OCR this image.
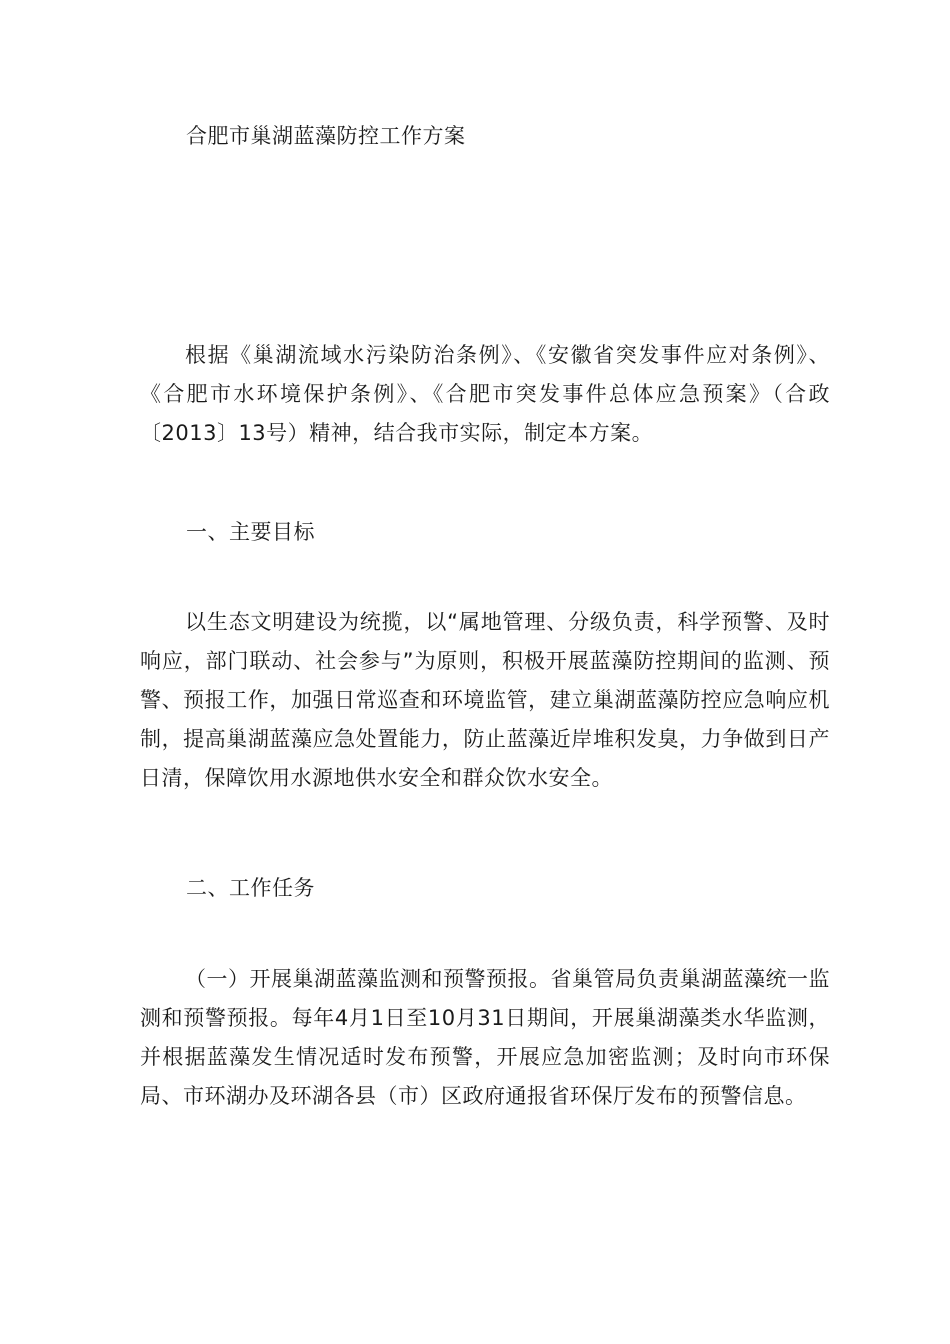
合肥市巢湖蓝藻防控工作方案

根据《巢湖流域水污染防治条例》、《安徽省突发事件应对条例》、《合肥市水环境保护条例》、《合肥市突发事件总体应急预案》（合政〔2013〕13号）精神，结合我市实际，制定本方案。

一、主要目标

以生态文明建设为统揽，以“属地管理、分级负责，科学预警、及时响应，部门联动、社会参与”为原则，积极开展蓝藻防控期间的监测、预警、预报工作，加强日常巡查和环境监管，建立巢湖蓝藻防控应急响应机制，提高巢湖蓝藻应急处置能力，防止蓝藻近岸堆积发臭，力争做到日产日清，保障饮用水源地供水安全和群众饮水安全。

二、工作任务

（一）开展巢湖蓝藻监测和预警预报。省巢管局负责巢湖蓝藻统一监测和预警预报。每年4月1日至10月31日期间，开展巢湖藻类水华监测，并根据蓝藻发生情况适时发布预警，开展应急加密监测；及时向市环保局、市环湖办及环湖各县（市）区政府通报省环保厅发布的预警信息。
